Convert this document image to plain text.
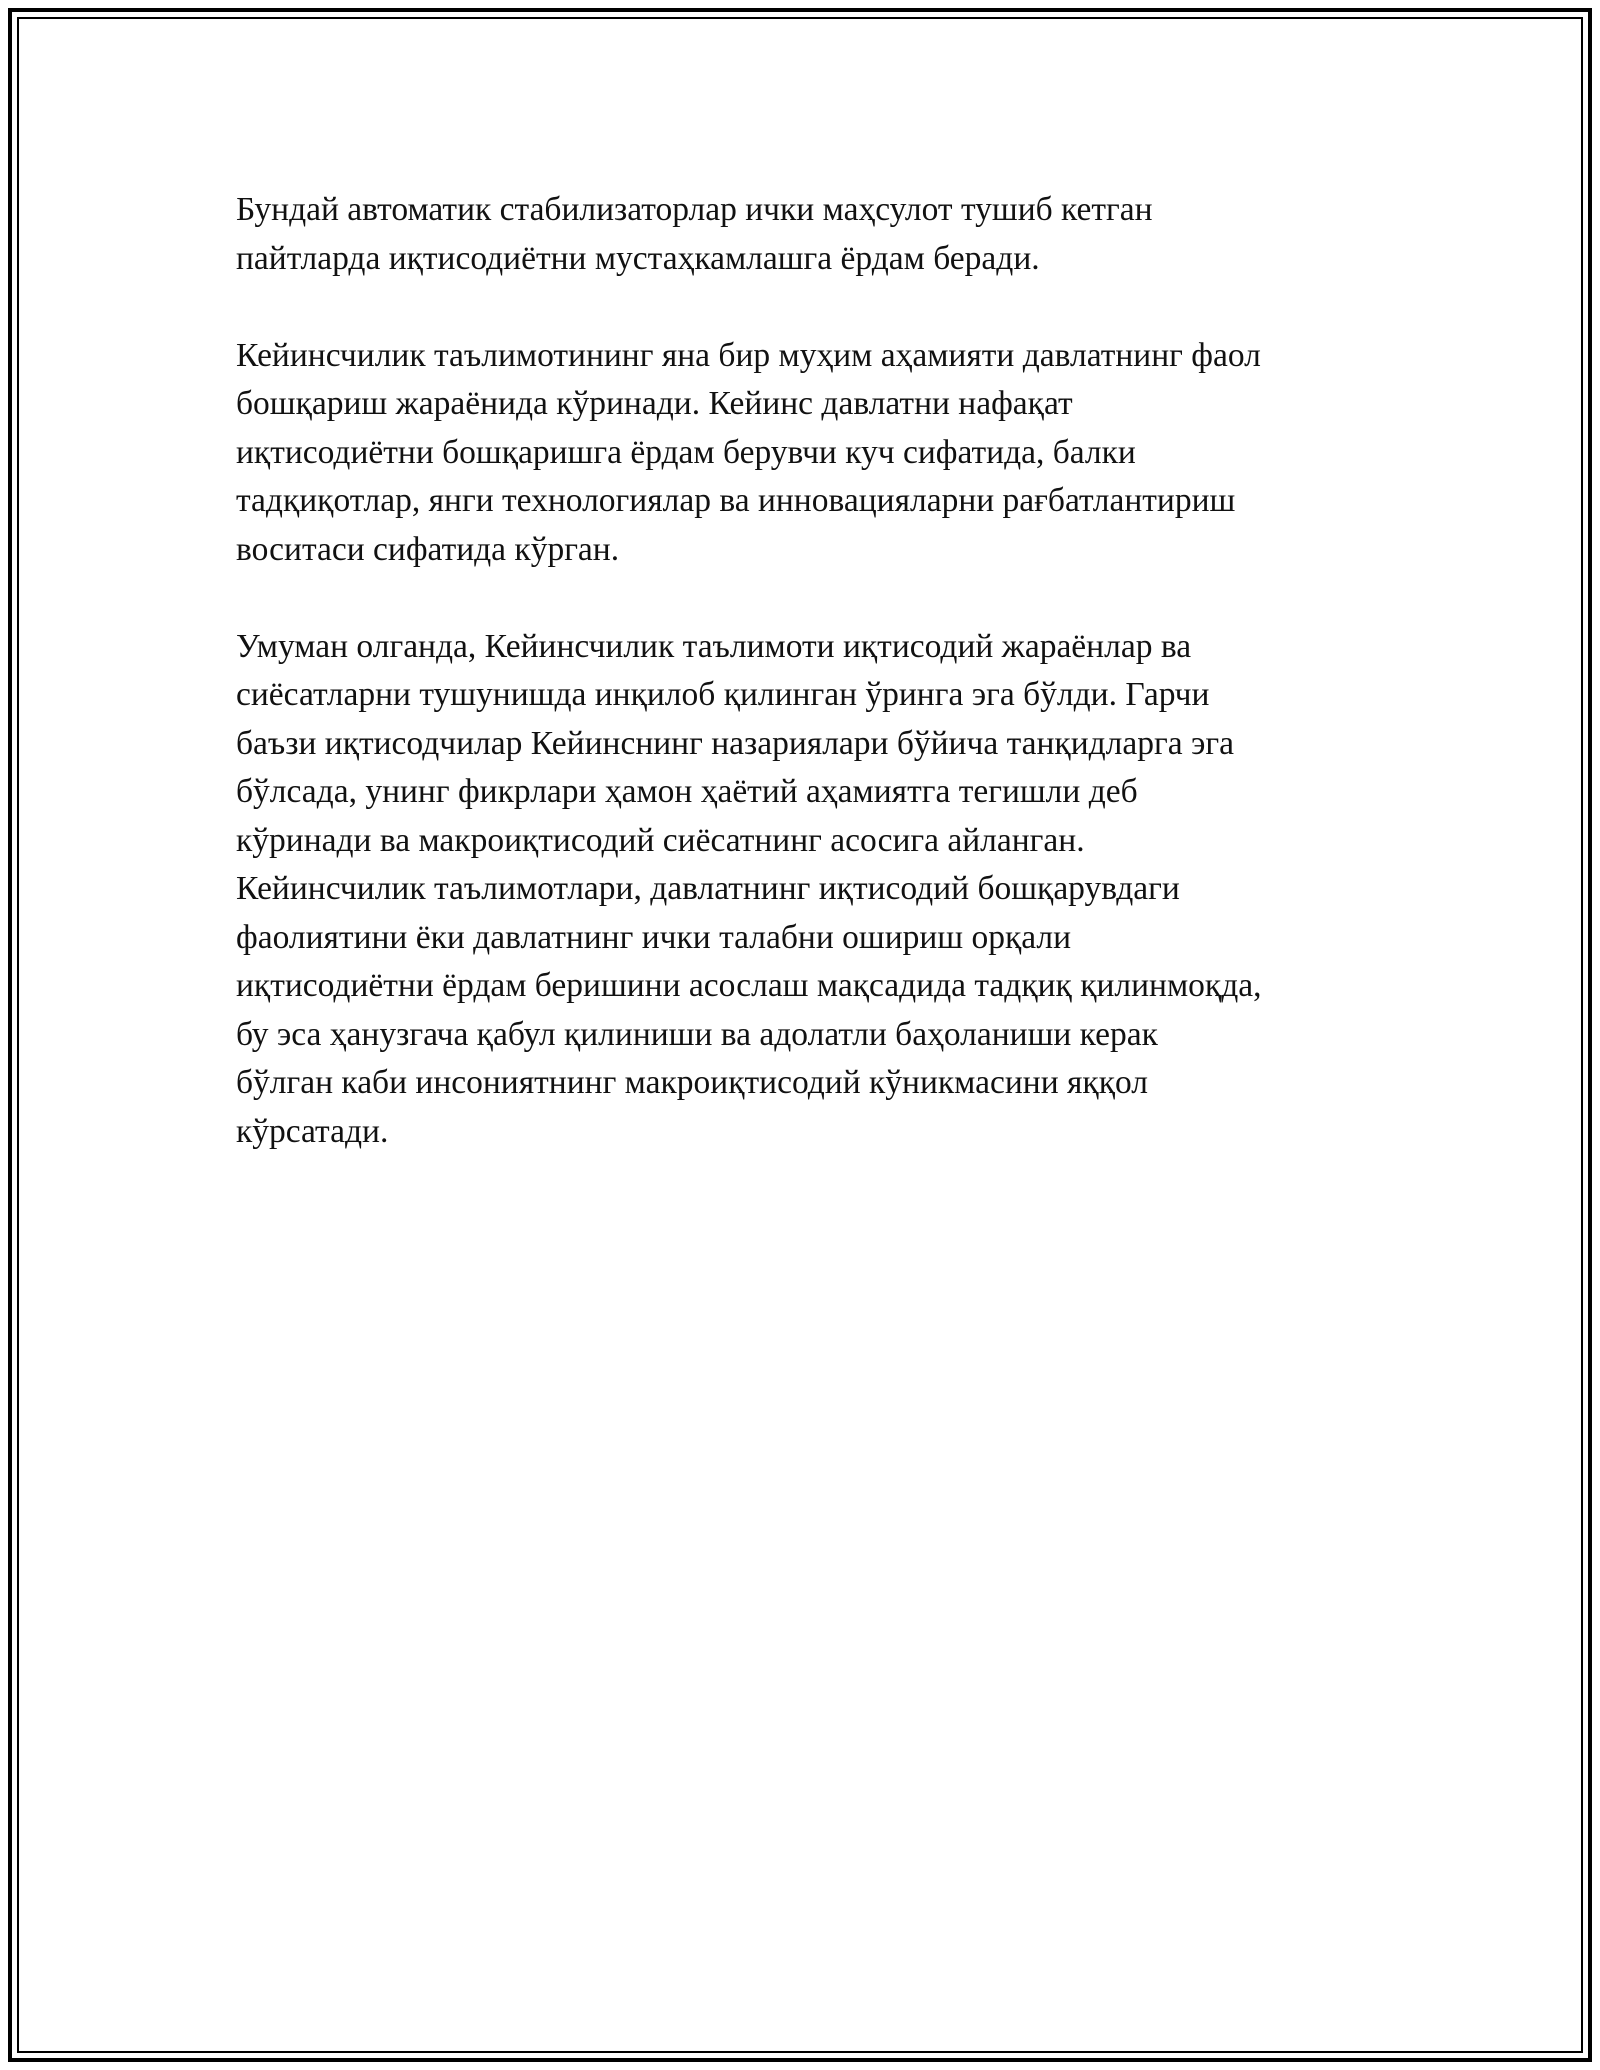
Бундай автоматик стабилизаторлар ички маҳсулот тушиб кетган
пайтларда иқтисодиётни мустаҳкамлашга ёрдам беради.

Кейинсчилик таълимотининг яна бир муҳим аҳамияти давлатнинг фаол
бошқариш жараёнида кўринади. Кейинс давлатни нафақат
иқтисодиётни бошқаришга ёрдам берувчи куч сифатида, балки
тадқиқотлар, янги технологиялар ва инновацияларни рағбатлантириш
воситаси сифатида кўрган.

Умуман олганда, Кейинсчилик таълимоти иқтисодий жараёнлар ва
сиёсатларни тушунишда инқилоб қилинган ўринга эга бўлди. Гарчи
баъзи иқтисодчилар Кейинснинг назариялари бўйича танқидларга эга
бўлсада, унинг фикрлари ҳамон ҳаётий аҳамиятга тегишли деб
кўринади ва макроиқтисодий сиёсатнинг асосига айланган.
Кейинсчилик таълимотлари, давлатнинг иқтисодий бошқарувдаги
фаолиятини ёки давлатнинг ички талабни ошириш орқали
иқтисодиётни ёрдам беришини асослаш мақсадида тадқиқ қилинмоқда,
бу эса ҳанузгача қабул қилиниши ва адолатли баҳоланиши керак
бўлган каби инсониятнинг макроиқтисодий кўникмасини яққол
кўрсатади.
